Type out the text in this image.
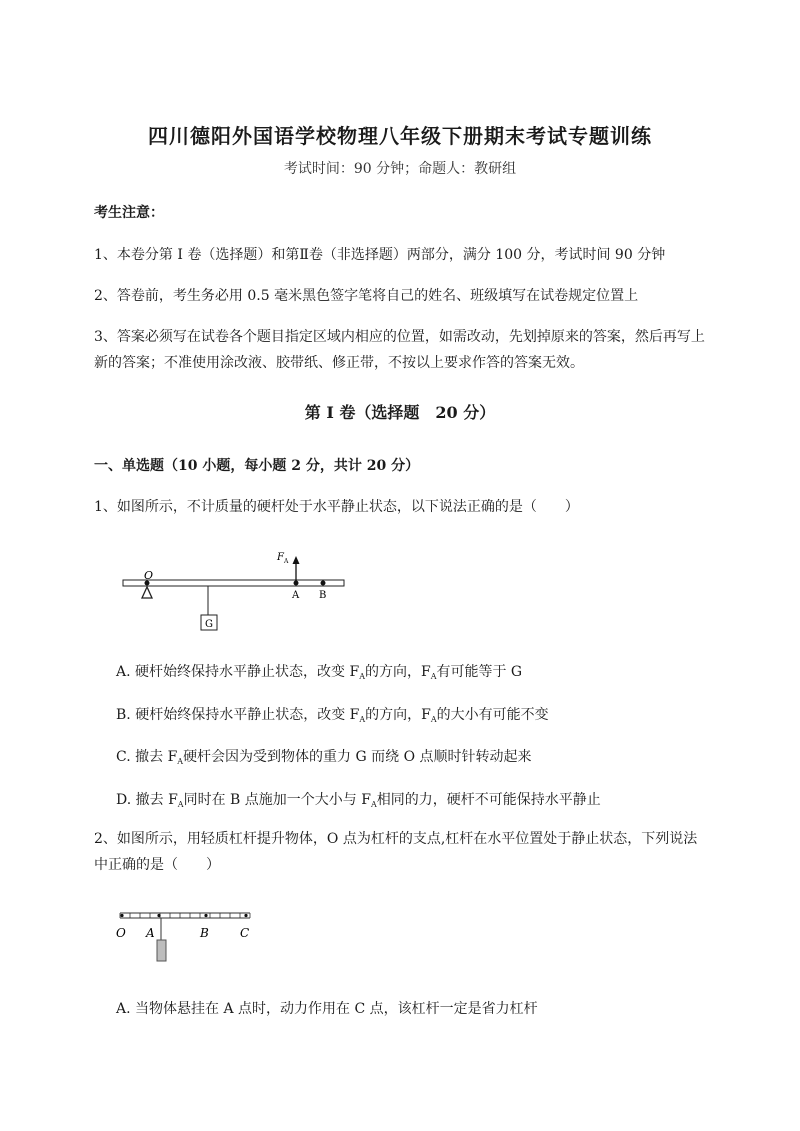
四川德阳外国语学校物理八年级下册期末考试专题训练
考试时间：90 分钟；命题人：教研组
考生注意：
1、本卷分第 I 卷（选择题）和第Ⅱ卷（非选择题）两部分，满分 100 分，考试时间 90 分钟
2、答卷前，考生务必用 0.5 毫米黑色签字笔将自己的姓名、班级填写在试卷规定位置上
3、答案必须写在试卷各个题目指定区域内相应的位置，如需改动，先划掉原来的答案，然后再写上新的答案；不准使用涂改液、胶带纸、修正带，不按以上要求作答的答案无效。
第 I 卷（选择题　20 分）
一、单选题（10 小题，每小题 2 分，共计 20 分）
1、如图所示，不计质量的硬杆处于水平静止状态，以下说法正确的是（　　）
O
G
F A
A B
A. 硬杆始终保持水平静止状态，改变 $F_A$的方向，$F_A$有可能等于 G
B. 硬杆始终保持水平静止状态，改变 $F_A$的方向，$F_A$的大小有可能不变
C. 撤去 $F_A$硬杆会因为受到物体的重力 G 而绕 O 点顺时针转动起来
D. 撤去 $F_A$同时在 B 点施加一个大小与 $F_A$相同的力，硬杆不可能保持水平静止
2、如图所示，用轻质杠杆提升物体，O 点为杠杆的支点,杠杆在水平位置处于静止状态，下列说法中正确的是（　　）
O A	B	C
A. 当物体悬挂在 A 点时，动力作用在 C 点，该杠杆一定是省力杠杆
